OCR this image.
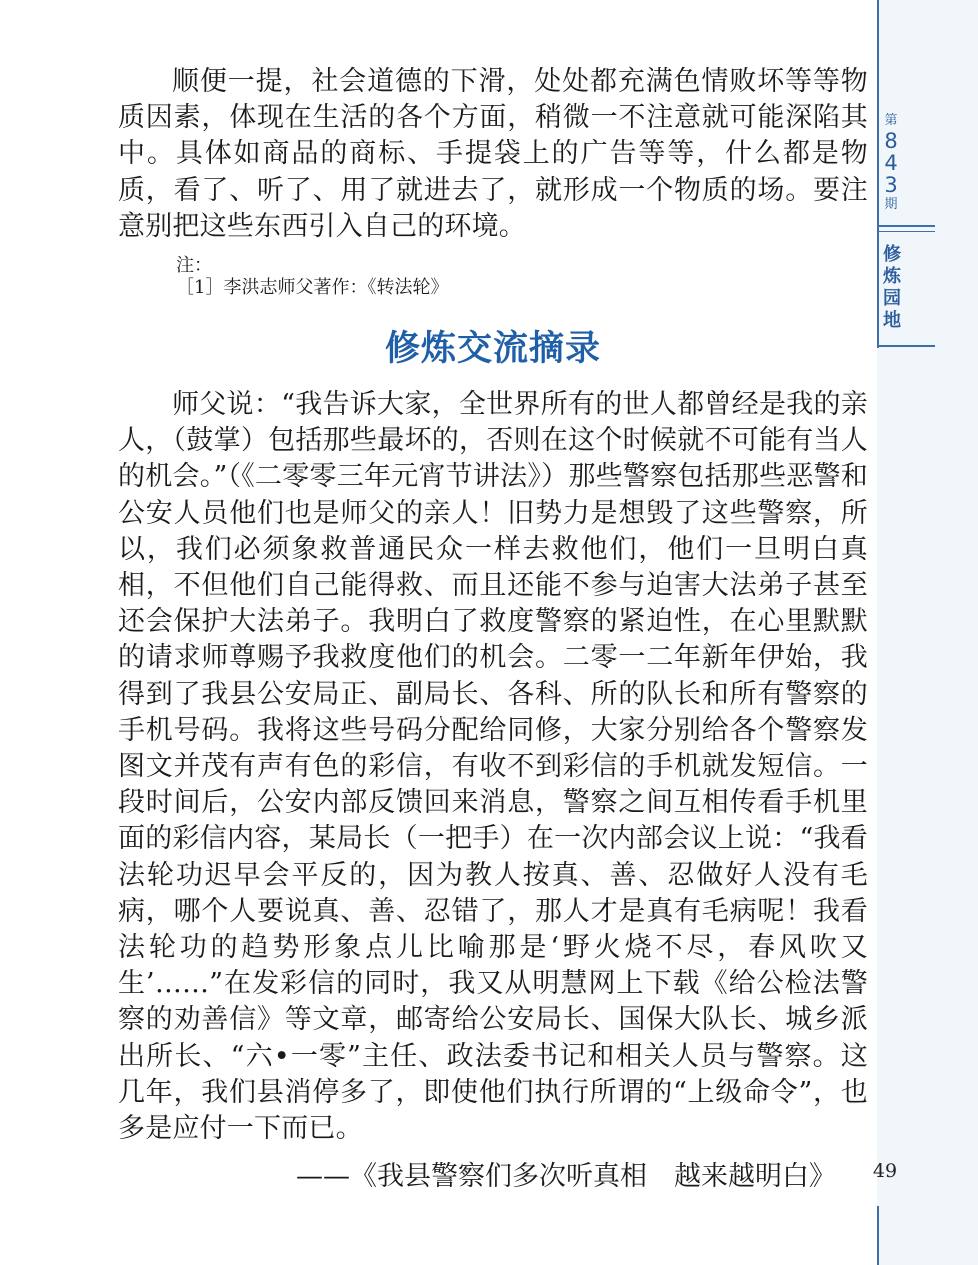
顺便一提，社会道德的下滑，处处都充满色情败坏等等物质因素，体现在生活的各个方面，稍微一不注意就可能深陷其中。具体如商品的商标、手提袋上的广告等等，什么都是物质，看了、听了、用了就进去了，就形成一个物质的场。要注意别把这些东西引入自己的环境。

注：
［1］李洪志师父著作：《转法轮》
修炼交流摘录

师父说：“我告诉大家，全世界所有的世人都曾经是我的亲人，（鼓掌）包括那些最坏的，否则在这个时候就不可能有当人的机会。”（《二零零三年元宵节讲法》）那些警察包括那些恶警和公安人员他们也是师父的亲人！旧势力是想毁了这些警察，所以，我们必须象救普通民众一样去救他们，他们一旦明白真相，不但他们自己能得救、而且还能不参与迫害大法弟子甚至还会保护大法弟子。我明白了救度警察的紧迫性，在心里默默的请求师尊赐予我救度他们的机会。二零一二年新年伊始，我得到了我县公安局正、副局长、各科、所的队长和所有警察的手机号码。我将这些号码分配给同修，大家分别给各个警察发图文并茂有声有色的彩信，有收不到彩信的手机就发短信。一段时间后，公安内部反馈回来消息，警察之间互相传看手机里面的彩信内容，某局长（一把手）在一次内部会议上说：“我看法轮功迟早会平反的，因为教人按真、善、忍做好人没有毛病，哪个人要说真、善、忍错了，那人才是真有毛病呢！我看法轮功的趋势形象点儿比喻那是‘野火烧不尽，春风吹又生’……”在发彩信的同时，我又从明慧网上下载《给公检法警察的劝善信》等文章，邮寄给公安局长、国保大队长、城乡派出所长、“六•一零”主任、政法委书记和相关人员与警察。这几年，我们县消停多了，即使他们执行所谓的“上级命令”，也多是应付一下而已。

——《我县警察们多次听真相　越来越明白》
第
8
4
3
期
修
炼
园
地
49
